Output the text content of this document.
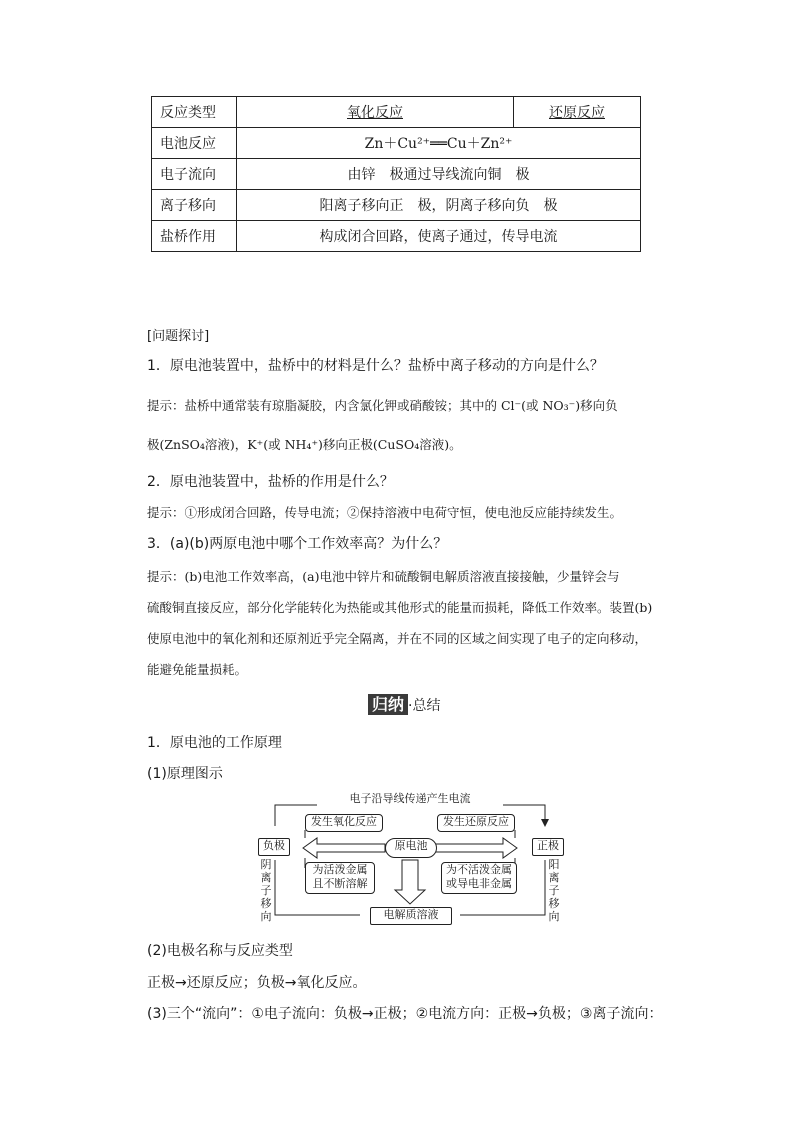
反应类型	氧化反应	还原反应
电池反应	Zn＋Cu²⁺══Cu＋Zn²⁺	
电子流向	由锌　极通过导线流向铜　极	
离子移向	阳离子移向正　极，阴离子移向负　极	
盐桥作用	构成闭合回路，使离子通过，传导电流	
[问题探讨]
1．原电池装置中，盐桥中的材料是什么？盐桥中离子移动的方向是什么？
提示：盐桥中通常装有琼脂凝胶，内含氯化钾或硝酸铵；其中的 Cl⁻(或 NO₃⁻)移向负
极(ZnSO₄溶液)，K⁺(或 NH₄⁺)移向正极(CuSO₄溶液)。
2．原电池装置中，盐桥的作用是什么？
提示：①形成闭合回路，传导电流；②保持溶液中电荷守恒，使电池反应能持续发生。
3．(a)(b)两原电池中哪个工作效率高？为什么？
提示：(b)电池工作效率高，(a)电池中锌片和硫酸铜电解质溶液直接接触，少量锌会与
硫酸铜直接反应，部分化学能转化为热能或其他形式的能量而损耗，降低工作效率。装置(b)
使原电池中的氧化剂和还原剂近乎完全隔离，并在不同的区域之间实现了电子的定向移动，
能避免能量损耗。
归纳 ·总结
1．原电池的工作原理
(1)原理图示
电子沿导线传递产生电流
负极	正极
原电池
发生氧化反应	发生还原反应
为活泼金属
且不断溶解
为不活泼金属
或导电非金属
电解质溶液
阴
离
子
移
向
阳
离
子
移
向
(2)电极名称与反应类型
正极→还原反应；负极→氧化反应。
(3)三个“流向”：①电子流向：负极→正极；②电流方向：正极→负极；③离子流向：
